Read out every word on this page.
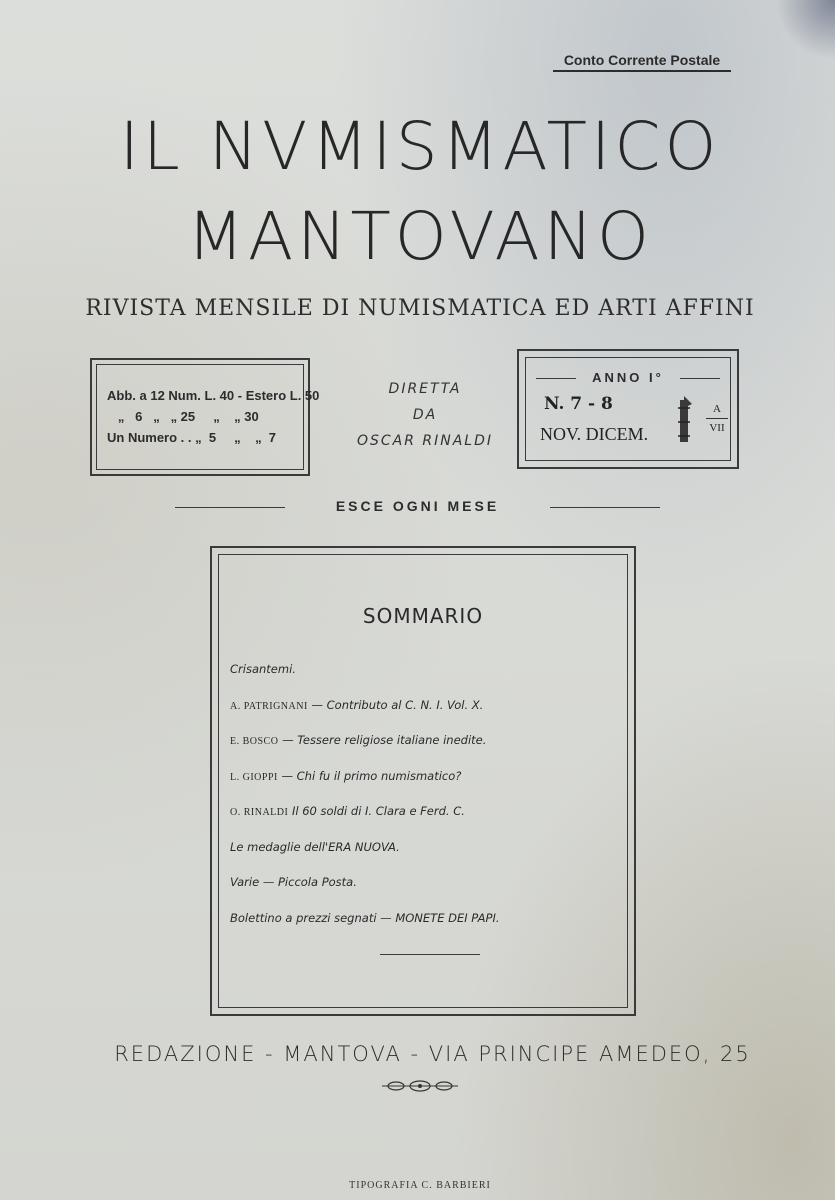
Conto Corrente Postale
IL NVMISMATICO
MANTOVANO
RIVISTA MENSILE DI NUMISMATICA ED ARTI AFFINI
Abb. a 12 Num. L. 40 - Estero L. 50
„   6   „   „ 25     „    „ 30
Un Numero . . „  5     „    „  7
DIRETTA
DA
OSCAR RINALDI
ANNO I°
N. 7 - 8
NOV. DICEM.
A
VII
ESCE OGNI MESE
SOMMARIO
Crisantemi.
A. PATRIGNANI — Contributo al C. N. I. Vol. X.
E. BOSCO — Tessere religiose italiane inedite.
L. GIOPPI — Chi fu il primo numismatico?
O. RINALDI Il 60 soldi di I. Clara e Ferd. C.
Le medaglie dell'ERA NUOVA.
Varie — Piccola Posta.
Bolettino a prezzi segnati — MONETE DEI PAPI.
REDAZIONE - MANTOVA - VIA PRINCIPE AMEDEO, 25
TIPOGRAFIA C. BARBIERI
